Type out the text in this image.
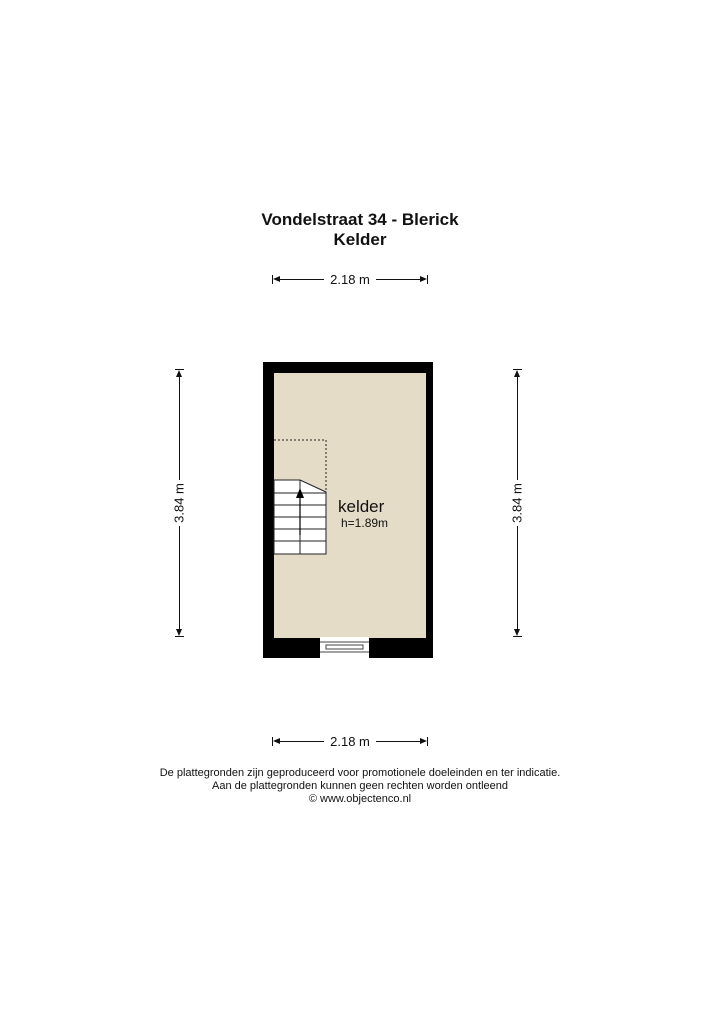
Vondelstraat 34 - Blerick
Kelder
2.18 m
2.18 m
3.84 m	3.84 m
kelder
h=1.89m
De plattegronden zijn geproduceerd voor promotionele doeleinden en ter indicatie.
Aan de plattegronden kunnen geen rechten worden ontleend
© www.objectenco.nl
